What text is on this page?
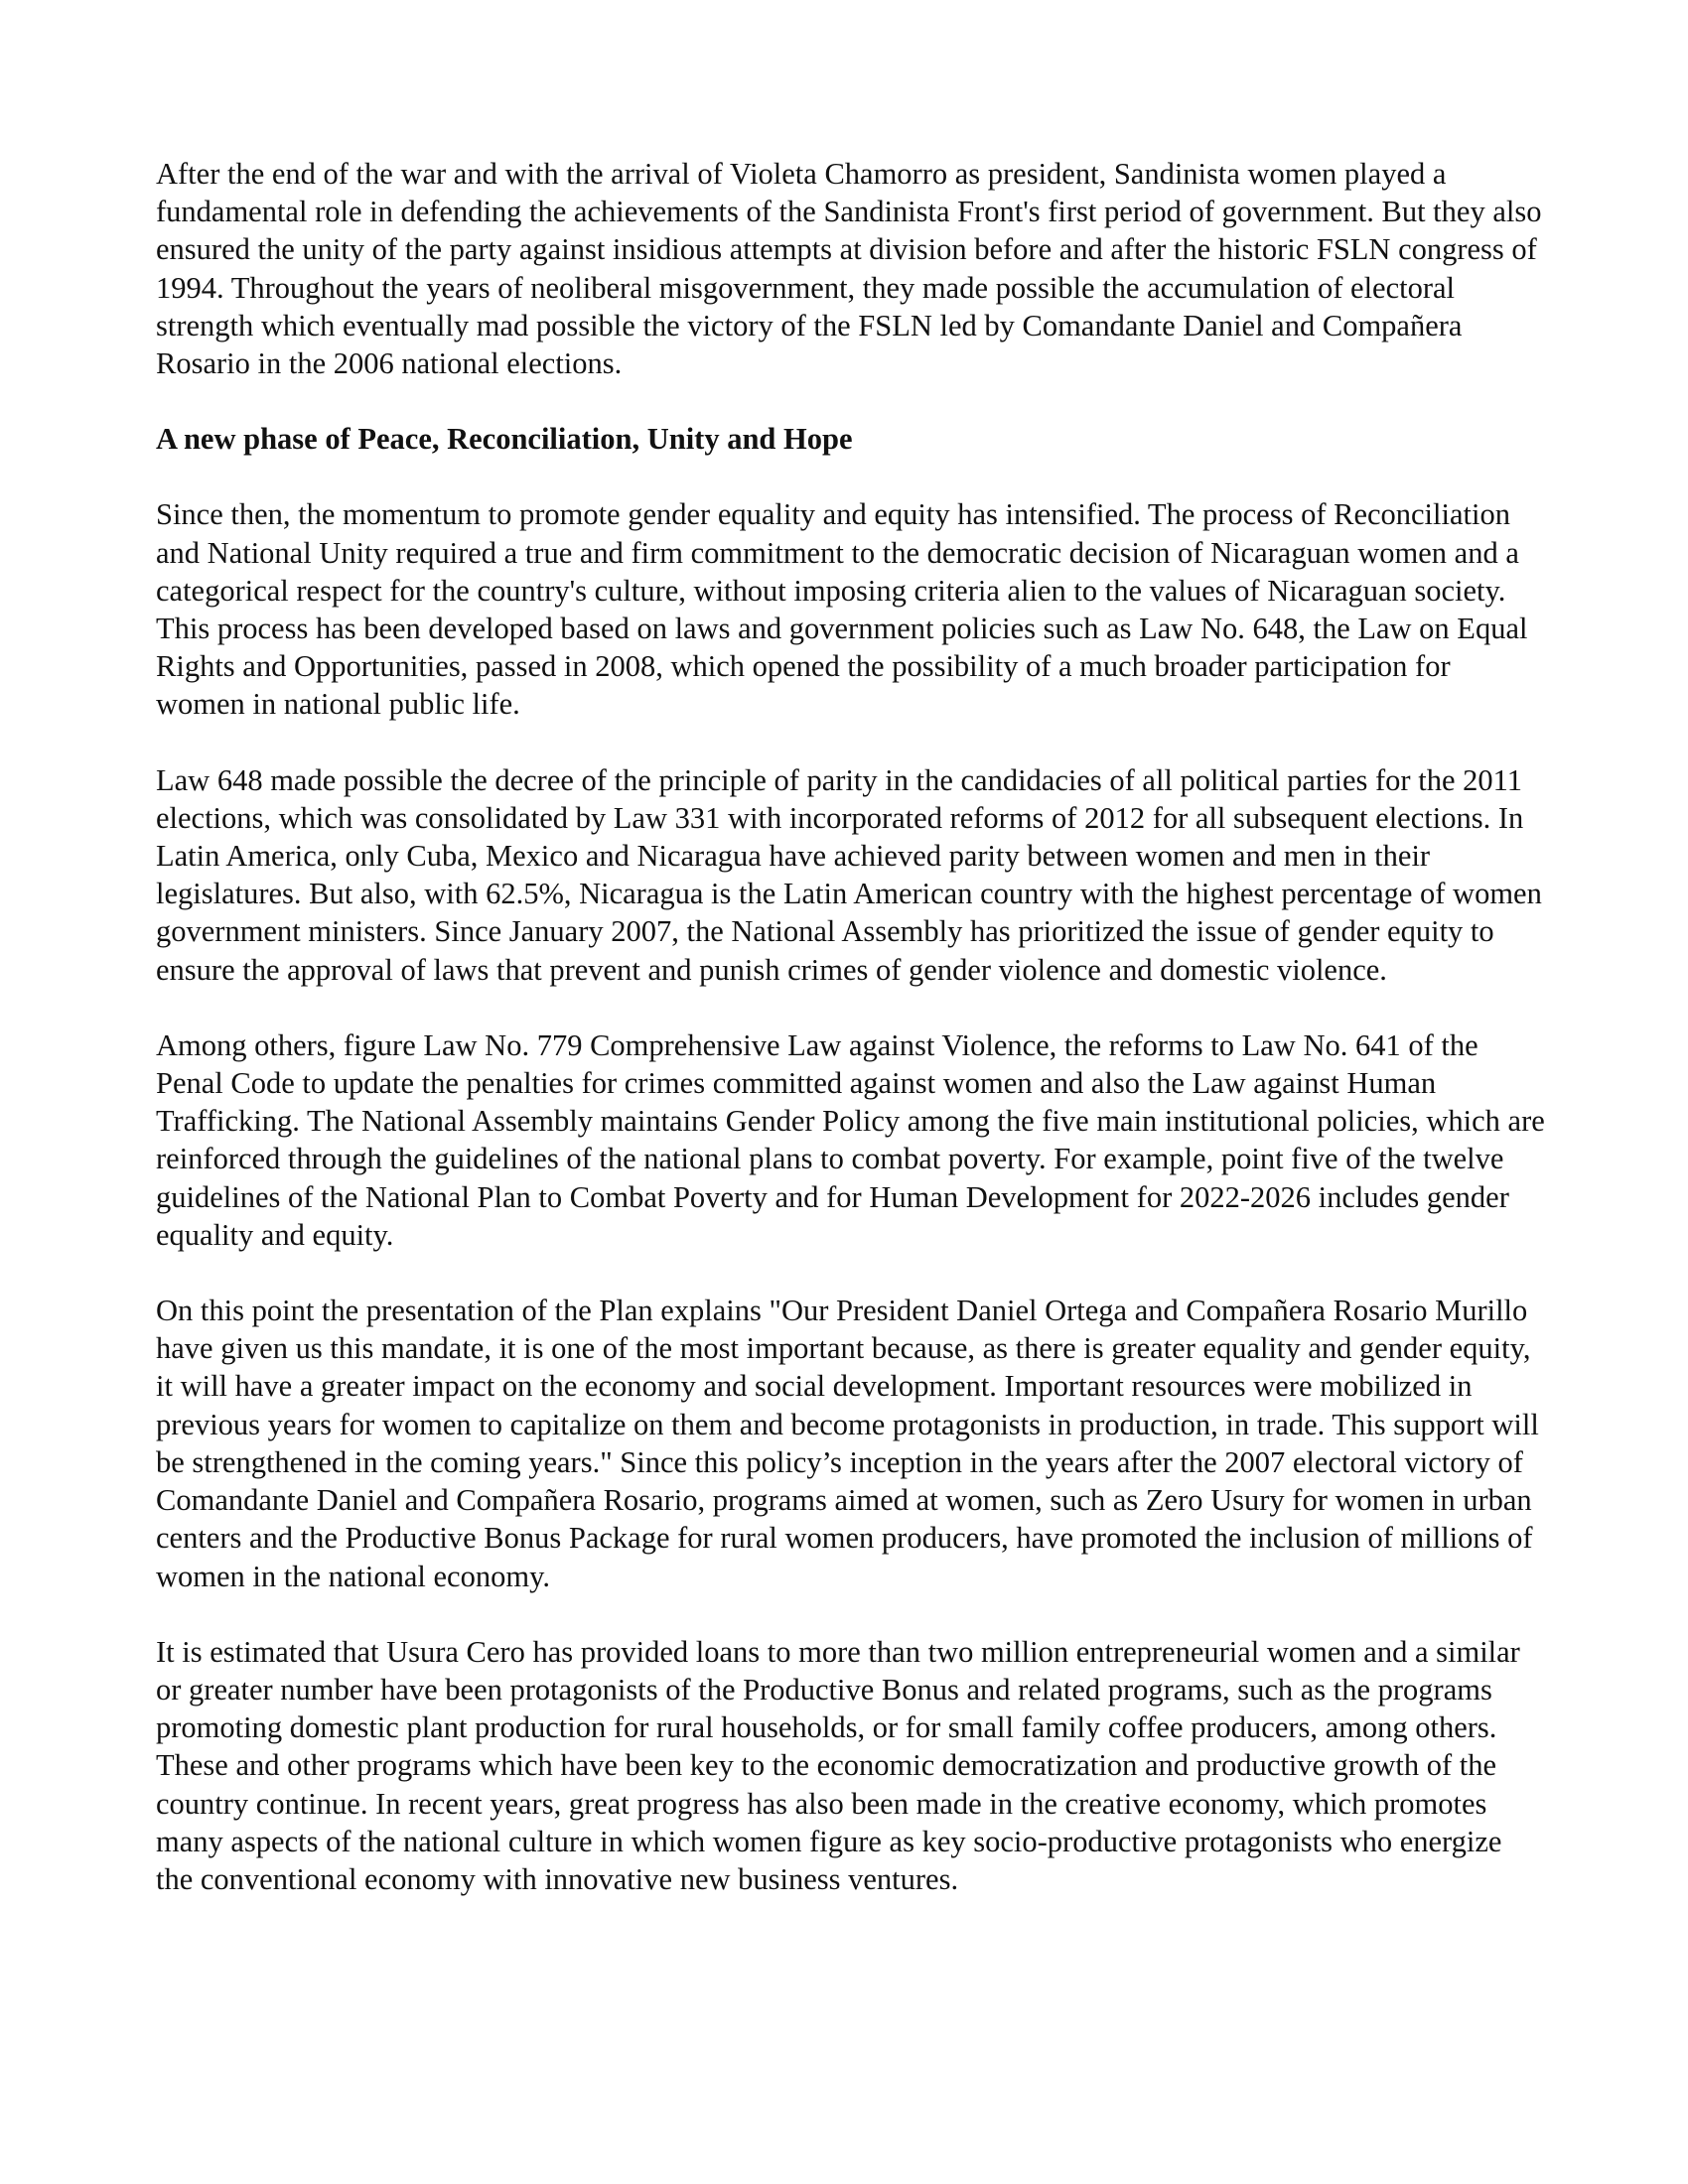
After the end of the war and with the arrival of Violeta Chamorro as president, Sandinista women played a fundamental role in defending the achievements of the Sandinista Front's first period of government. But they also ensured the unity of the party against insidious attempts at division before and after the historic FSLN congress of 1994. Throughout the years of neoliberal misgovernment, they made possible the accumulation of electoral strength which eventually mad possible the victory of the FSLN led by Comandante Daniel and Compañera Rosario in the 2006 national elections.

A new phase of Peace, Reconciliation, Unity and Hope

Since then, the momentum to promote gender equality and equity has intensified. The process of Reconciliation and National Unity required a true and firm commitment to the democratic decision of Nicaraguan women and a categorical respect for the country's culture, without imposing criteria alien to the values of Nicaraguan society. This process has been developed based on laws and government policies such as Law No. 648, the Law on Equal Rights and Opportunities, passed in 2008, which opened the possibility of a much broader participation for women in national public life.

Law 648 made possible the decree of the principle of parity in the candidacies of all political parties for the 2011 elections, which was consolidated by Law 331 with incorporated reforms of 2012 for all subsequent elections. In Latin America, only Cuba, Mexico and Nicaragua have achieved parity between women and men in their legislatures. But also, with 62.5%, Nicaragua is the Latin American country with the highest percentage of women government ministers. Since January 2007, the National Assembly has prioritized the issue of gender equity to ensure the approval of laws that prevent and punish crimes of gender violence and domestic violence.

Among others, figure Law No. 779 Comprehensive Law against Violence, the reforms to Law No. 641 of the Penal Code to update the penalties for crimes committed against women and also the Law against Human Trafficking. The National Assembly maintains Gender Policy among the five main institutional policies, which are reinforced through the guidelines of the national plans to combat poverty. For example, point five of the twelve guidelines of the National Plan to Combat Poverty and for Human Development for 2022-2026 includes gender equality and equity.

On this point the presentation of the Plan explains "Our President Daniel Ortega and Compañera Rosario Murillo have given us this mandate, it is one of the most important because, as there is greater equality and gender equity, it will have a greater impact on the economy and social development. Important resources were mobilized in previous years for women to capitalize on them and become protagonists in production, in trade. This support will be strengthened in the coming years." Since this policy’s inception in the years after the 2007 electoral victory of Comandante Daniel and Compañera Rosario, programs aimed at women, such as Zero Usury for women in urban centers and the Productive Bonus Package for rural women producers, have promoted the inclusion of millions of women in the national economy.

It is estimated that Usura Cero has provided loans to more than two million entrepreneurial women and a similar or greater number have been protagonists of the Productive Bonus and related programs, such as the programs promoting domestic plant production for rural households, or for small family coffee producers, among others. These and other programs which have been key to the economic democratization and productive growth of the country continue. In recent years, great progress has also been made in the creative economy, which promotes many aspects of the national culture in which women figure as key socio-productive protagonists who energize the conventional economy with innovative new business ventures.
